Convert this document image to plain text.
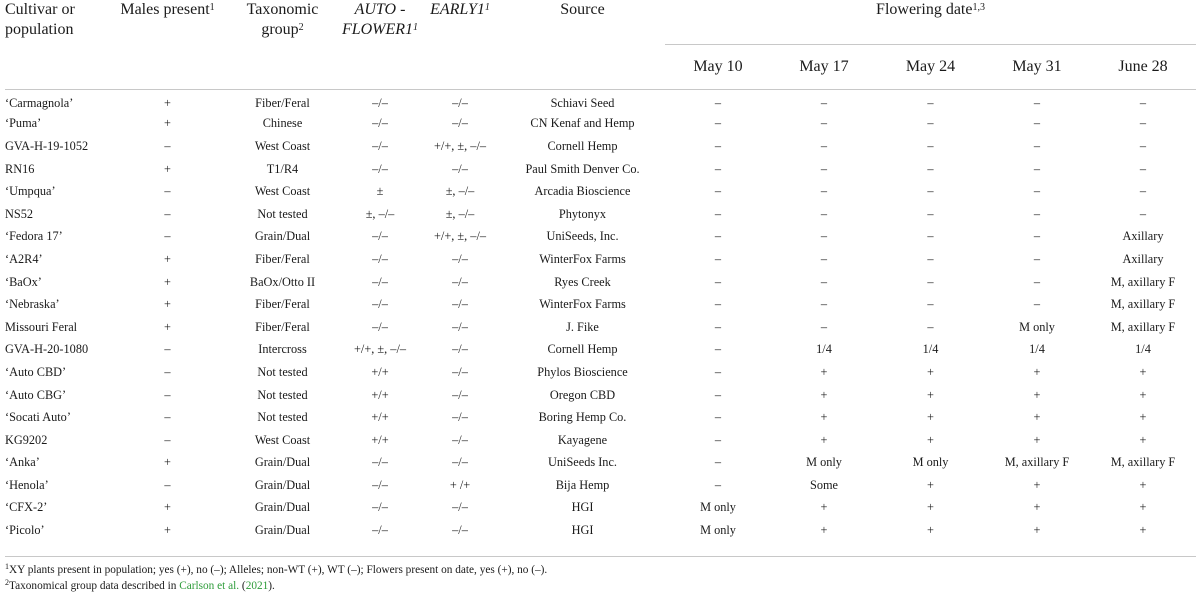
Cultivar or population	Males present$^1$	Taxonomic group$^2$	AUTO $-FLOWER1^1$	$EARLY1^1$	Source	Flowering date$^{1,3}$
						May 10	May 17	May 24	May 31	June 28
‘Carmagnola’	+	Fiber/Feral	–/–	–/–	Schiavi Seed	–	–	–	–	–
‘Puma’	+	Chinese	–/–	–/–	CN Kenaf and Hemp	–	–	–	–	–
GVA-H-19-1052	–	West Coast	–/–	+/+, ±, –/–	Cornell Hemp	–	–	–	–	–
RN16	+	T1/R4	–/–	–/–	Paul Smith Denver Co.	–	–	–	–	–
‘Umpqua’	–	West Coast	±	±, –/–	Arcadia Bioscience	–	–	–	–	–
NS52	–	Not tested	±, –/–	±, –/–	Phytonyx	–	–	–	–	–
‘Fedora 17’	–	Grain/Dual	–/–	+/+, ±, –/–	UniSeeds, Inc.	–	–	–	–	Axillary
‘A2R4’	+	Fiber/Feral	–/–	–/–	WinterFox Farms	–	–	–	–	Axillary
‘BaOx’	+	BaOx/Otto II	–/–	–/–	Ryes Creek	–	–	–	–	M, axillary F
‘Nebraska’	+	Fiber/Feral	–/–	–/–	WinterFox Farms	–	–	–	–	M, axillary F
Missouri Feral	+	Fiber/Feral	–/–	–/–	J. Fike	–	–	–	M only	M, axillary F
GVA-H-20-1080	–	Intercross	+/+, ±, –/–	–/–	Cornell Hemp	–	1/4	1/4	1/4	1/4
‘Auto CBD’	–	Not tested	+/+	–/–	Phylos Bioscience	–	+	+	+	+
‘Auto CBG’	–	Not tested	+/+	–/–	Oregon CBD	–	+	+	+	+
‘Socati Auto’	–	Not tested	+/+	–/–	Boring Hemp Co.	–	+	+	+	+
KG9202	–	West Coast	+/+	–/–	Kayagene	–	+	+	+	+
‘Anka’	+	Grain/Dual	–/–	–/–	UniSeeds Inc.	–	M only	M only	M, axillary F	M, axillary F
‘Henola’	–	Grain/Dual	–/–	+ /+	Bija Hemp	–	Some	+	+	+
‘CFX-2’	+	Grain/Dual	–/–	–/–	HGI	M only	+	+	+	+
‘Picolo’	+	Grain/Dual	–/–	–/–	HGI	M only	+	+	+	+
$^1$XY plants present in population; yes (+), no (–); Alleles; non-WT (+), WT (–); Flowers present on date, yes (+), no (–).
$^2$Taxonomical group data described in Carlson et al. (2021).
